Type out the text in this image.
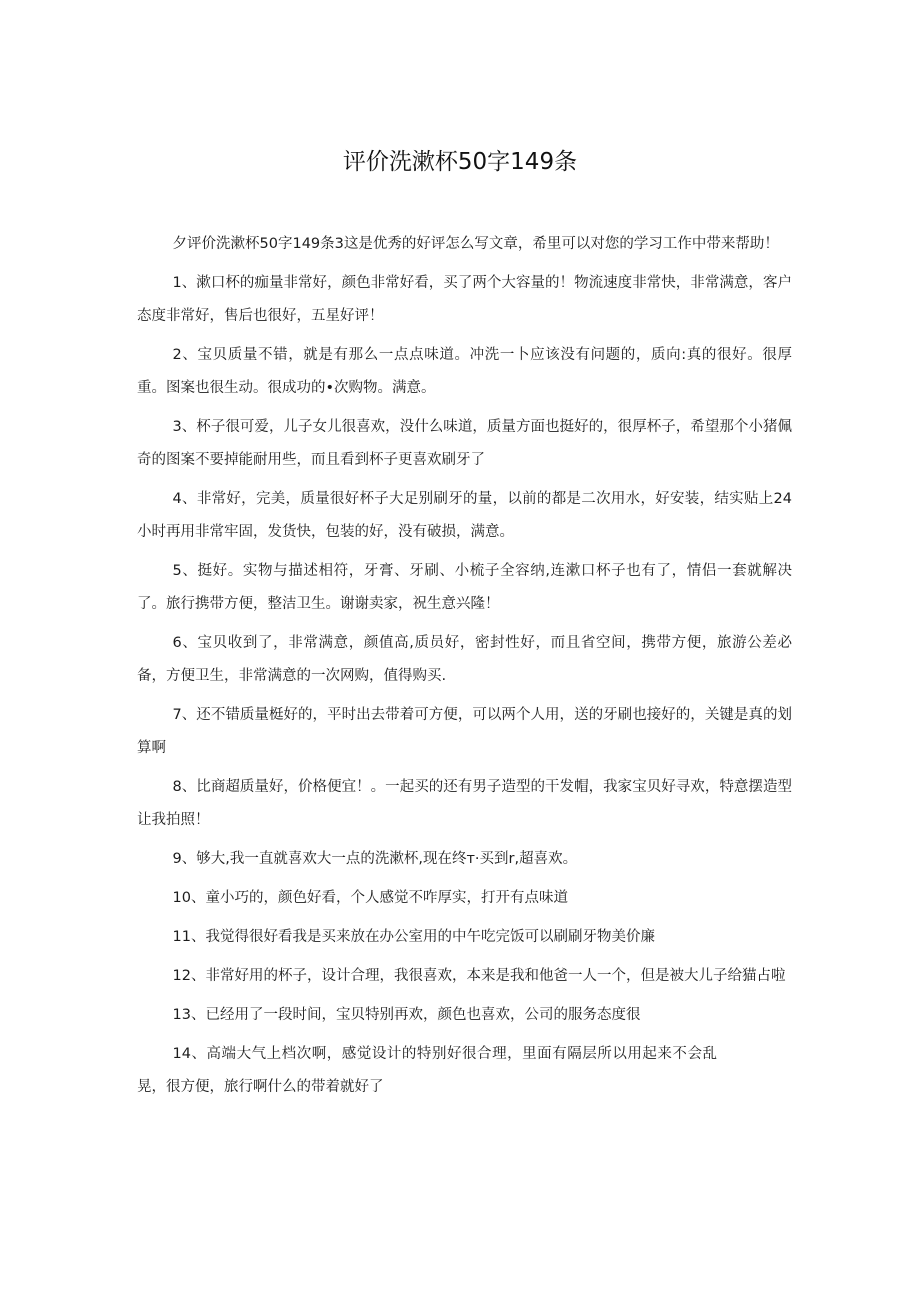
评价洗漱杯50字149条

夕评价洗漱杯50字149条3这是优秀的好评怎么写文章，希里可以对您的学习工作中带来帮助！

1、漱口杯的痂量非常好，颜色非常好看，买了两个大容量的！物流速度非常快，非常满意，客户态度非常好，售后也很好，五星好评！

2、宝贝质量不错，就是有那么一点点味道。冲洗一卜应该没有问题的，质向:真的很好。很厚重。图案也很生动。很成功的•次购物。满意。

3、杯子很可爱，儿子女儿很喜欢，没什么味道，质量方面也挺好的，很厚杯子，希望那个小猪佩奇的图案不要掉能耐用些，而且看到杯子更喜欢刷牙了

4、非常好，完美，质量很好杯子大足别刷牙的量，以前的都是二次用水，好安装，结实贴上24小时再用非常牢固，发货快，包装的好，没有破损，满意。

5、挺好。实物与描述相符，牙膏、牙刷、小梳子全容纳,连漱口杯子也有了，情侣一套就解决了。旅行携带方便，整洁卫生。谢谢卖家，祝生意兴隆！

6、宝贝收到了，非常满意，颜值高,质员好，密封性好，而且省空间，携带方便，旅游公差必备，方便卫生，非常满意的一次网购，值得购买.

7、还不错质量梃好的，平时出去带着可方便，可以两个人用，送的牙刷也接好的，关键是真的划算啊

8、比商超质量好，价格便宜！。一起买的还有男子造型的干发帽，我家宝贝好寻欢，特意摆造型让我拍照！

9、够大,我一直就喜欢大一点的洗漱杯,现在终т·买到r,超喜欢。

10、童小巧的，颜色好看，个人感觉不咋厚实，打开有点味道

11、我觉得很好看我是买来放在办公室用的中午吃完饭可以刷刷牙物美价廉

12、非常好用的杯子，设计合理，我很喜欢，本来是我和他爸一人一个，但是被大儿子给猫占啦

13、已经用了一段时间，宝贝特别再欢，颜色也喜欢，公司的服务态度很

14、高端大气上档次啊，感觉设计的特别好很合理，里面有隔层所以用起来不会乱晃，很方便，旅行啊什么的带着就好了
